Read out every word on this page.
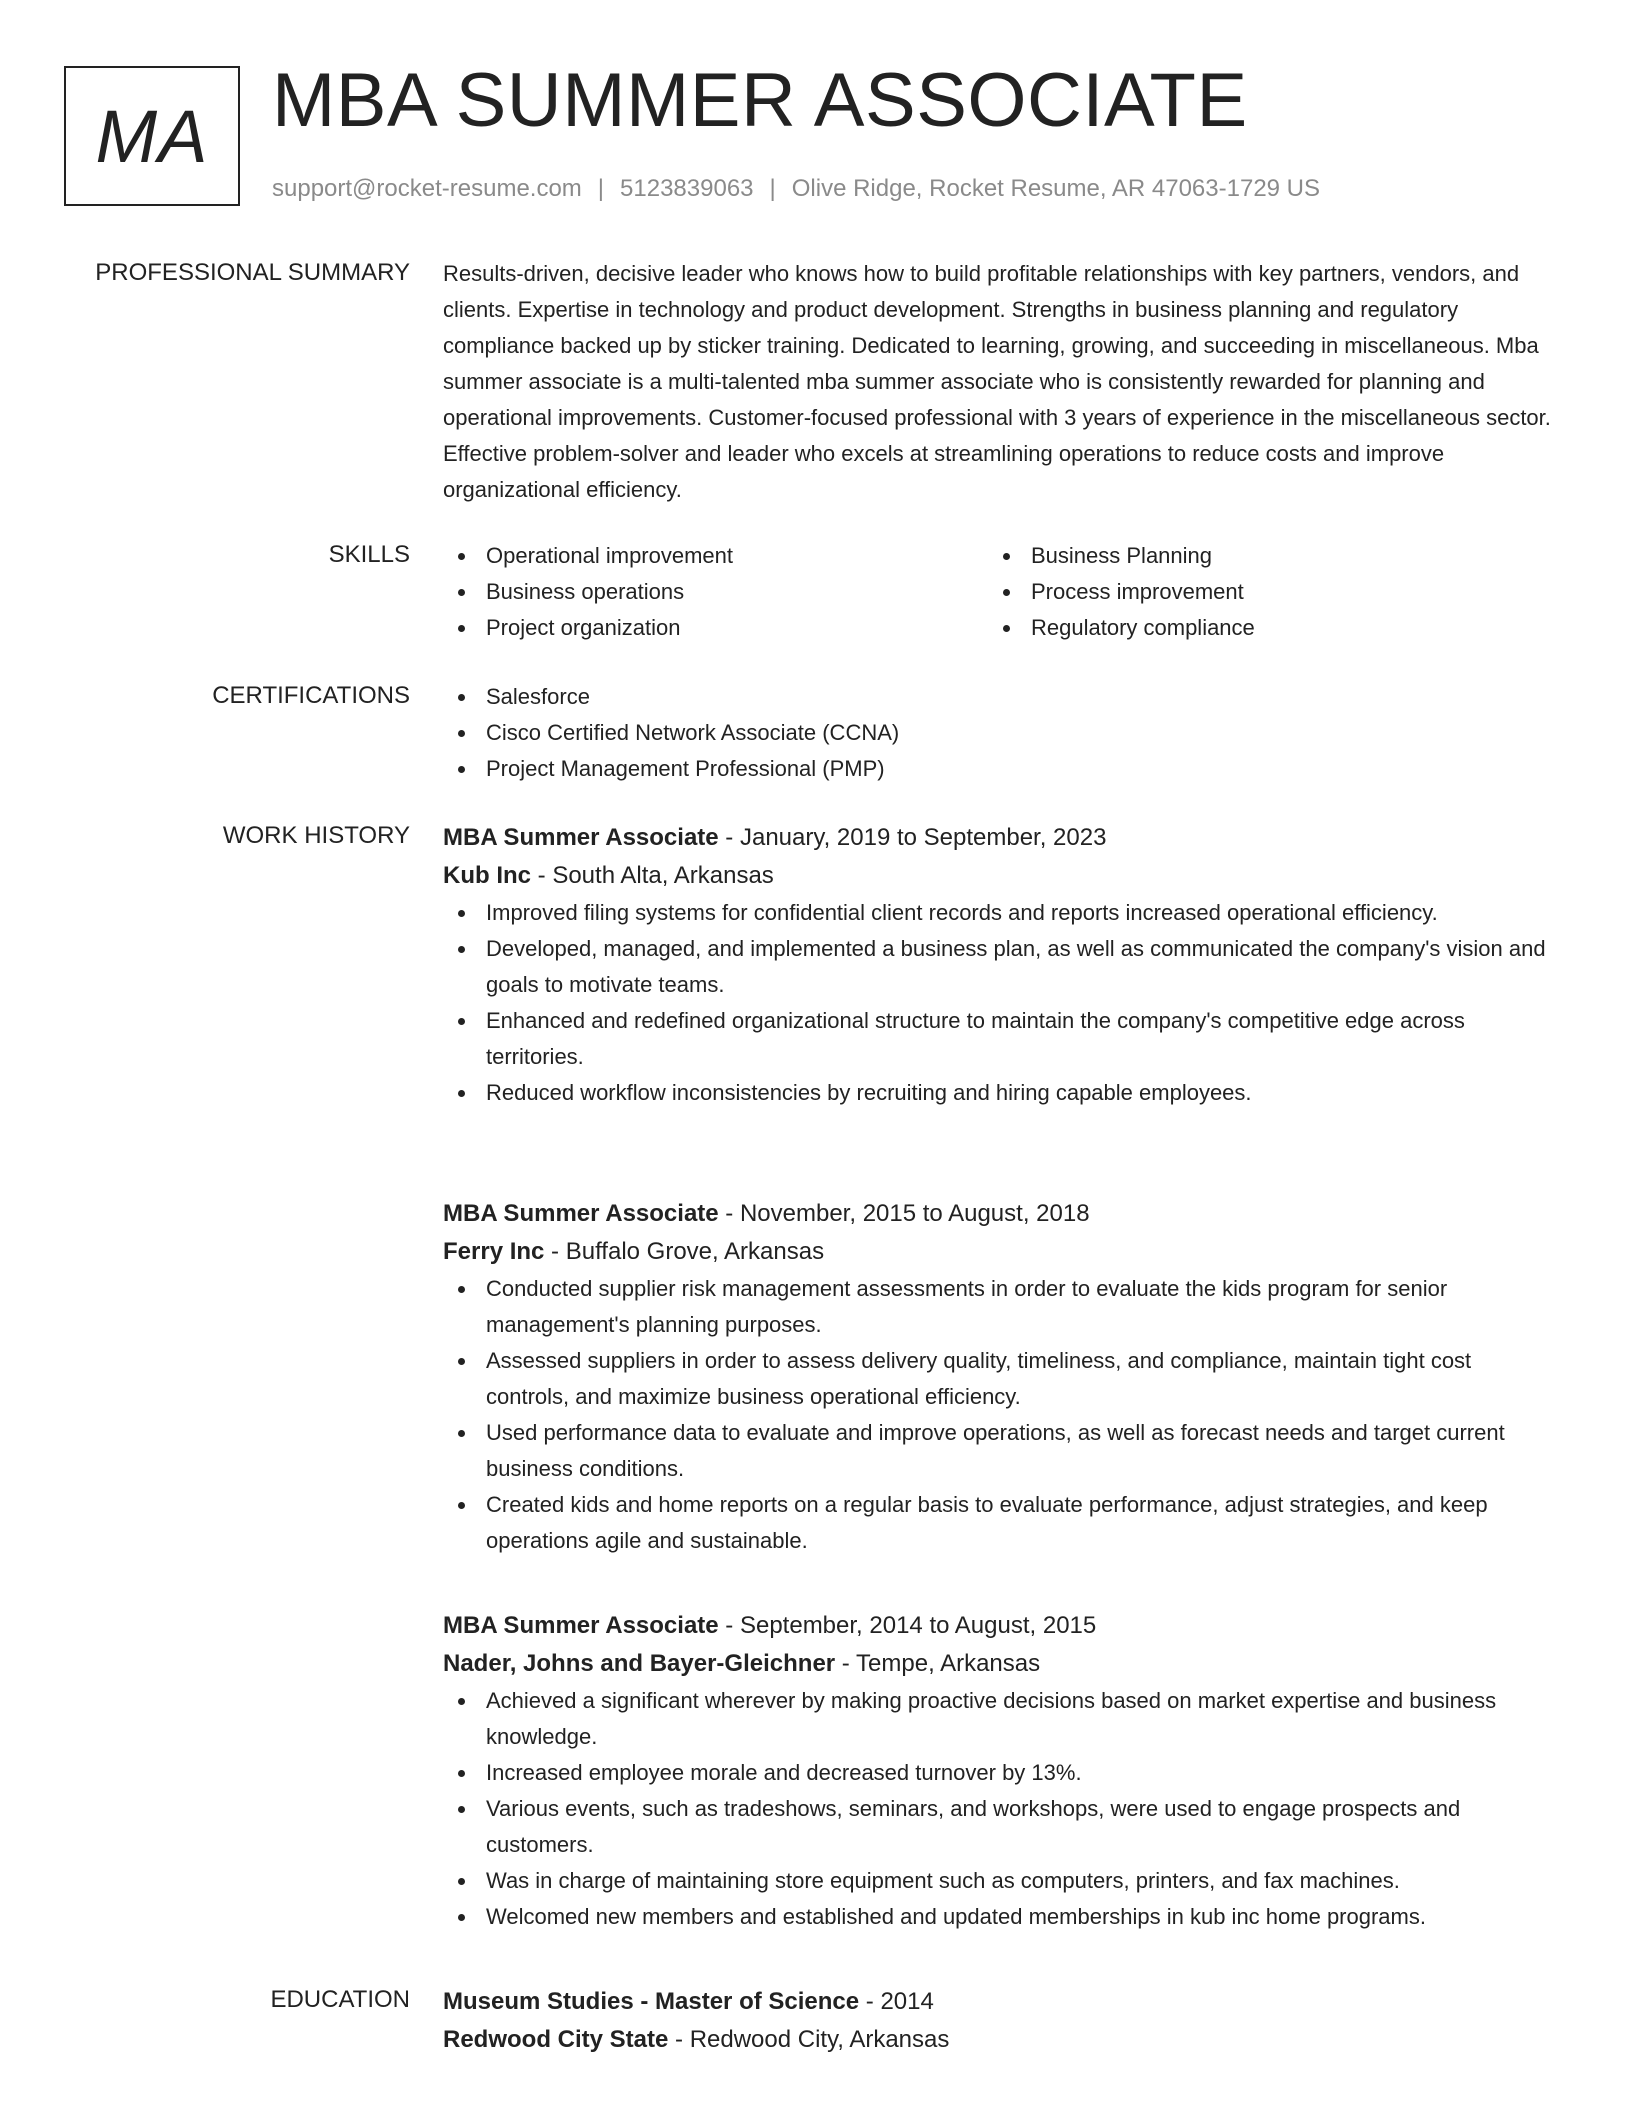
MA MBA SUMMER ASSOCIATE
support@rocket-resume.com | 5123839063 | Olive Ridge, Rocket Resume, AR 47063-1729 US
PROFESSIONAL SUMMARY Results-driven, decisive leader who knows how to build profitable relationships with key partners, vendors, and clients. Expertise in technology and product development. Strengths in business planning and regulatory compliance backed up by sticker training. Dedicated to learning, growing, and succeeding in miscellaneous. Mba summer associate is a multi-talented mba summer associate who is consistently rewarded for planning and operational improvements. Customer-focused professional with 3 years of experience in the miscellaneous sector. Effective problem-solver and leader who excels at streamlining operations to reduce costs and improve organizational efficiency.

SKILLS	Operational improvement
Business operations
Project organization
Business Planning
Process improvement
Regulatory compliance
CERTIFICATIONS	Salesforce
Cisco Certified Network Associate (CCNA)
Project Management Professional (PMP)
WORK HISTORY MBA Summer Associate - January, 2019 to September, 2023
Kub Inc - South Alta, Arkansas
Improved filing systems for confidential client records and reports increased operational efficiency.
Developed, managed, and implemented a business plan, as well as communicated the company's vision and goals to motivate teams.
Enhanced and redefined organizational structure to maintain the company's competitive edge across territories.
Reduced workflow inconsistencies by recruiting and hiring capable employees.
MBA Summer Associate - November, 2015 to August, 2018
Ferry Inc - Buffalo Grove, Arkansas
Conducted supplier risk management assessments in order to evaluate the kids program for senior management's planning purposes.
Assessed suppliers in order to assess delivery quality, timeliness, and compliance, maintain tight cost controls, and maximize business operational efficiency.
Used performance data to evaluate and improve operations, as well as forecast needs and target current business conditions.
Created kids and home reports on a regular basis to evaluate performance, adjust strategies, and keep operations agile and sustainable.
MBA Summer Associate - September, 2014 to August, 2015
Nader, Johns and Bayer-Gleichner - Tempe, Arkansas
Achieved a significant wherever by making proactive decisions based on market expertise and business knowledge.
Increased employee morale and decreased turnover by 13%.
Various events, such as tradeshows, seminars, and workshops, were used to engage prospects and customers.
Was in charge of maintaining store equipment such as computers, printers, and fax machines.
Welcomed new members and established and updated memberships in kub inc home programs.
EDUCATION Museum Studies - Master of Science - 2014
Redwood City State - Redwood City, Arkansas
